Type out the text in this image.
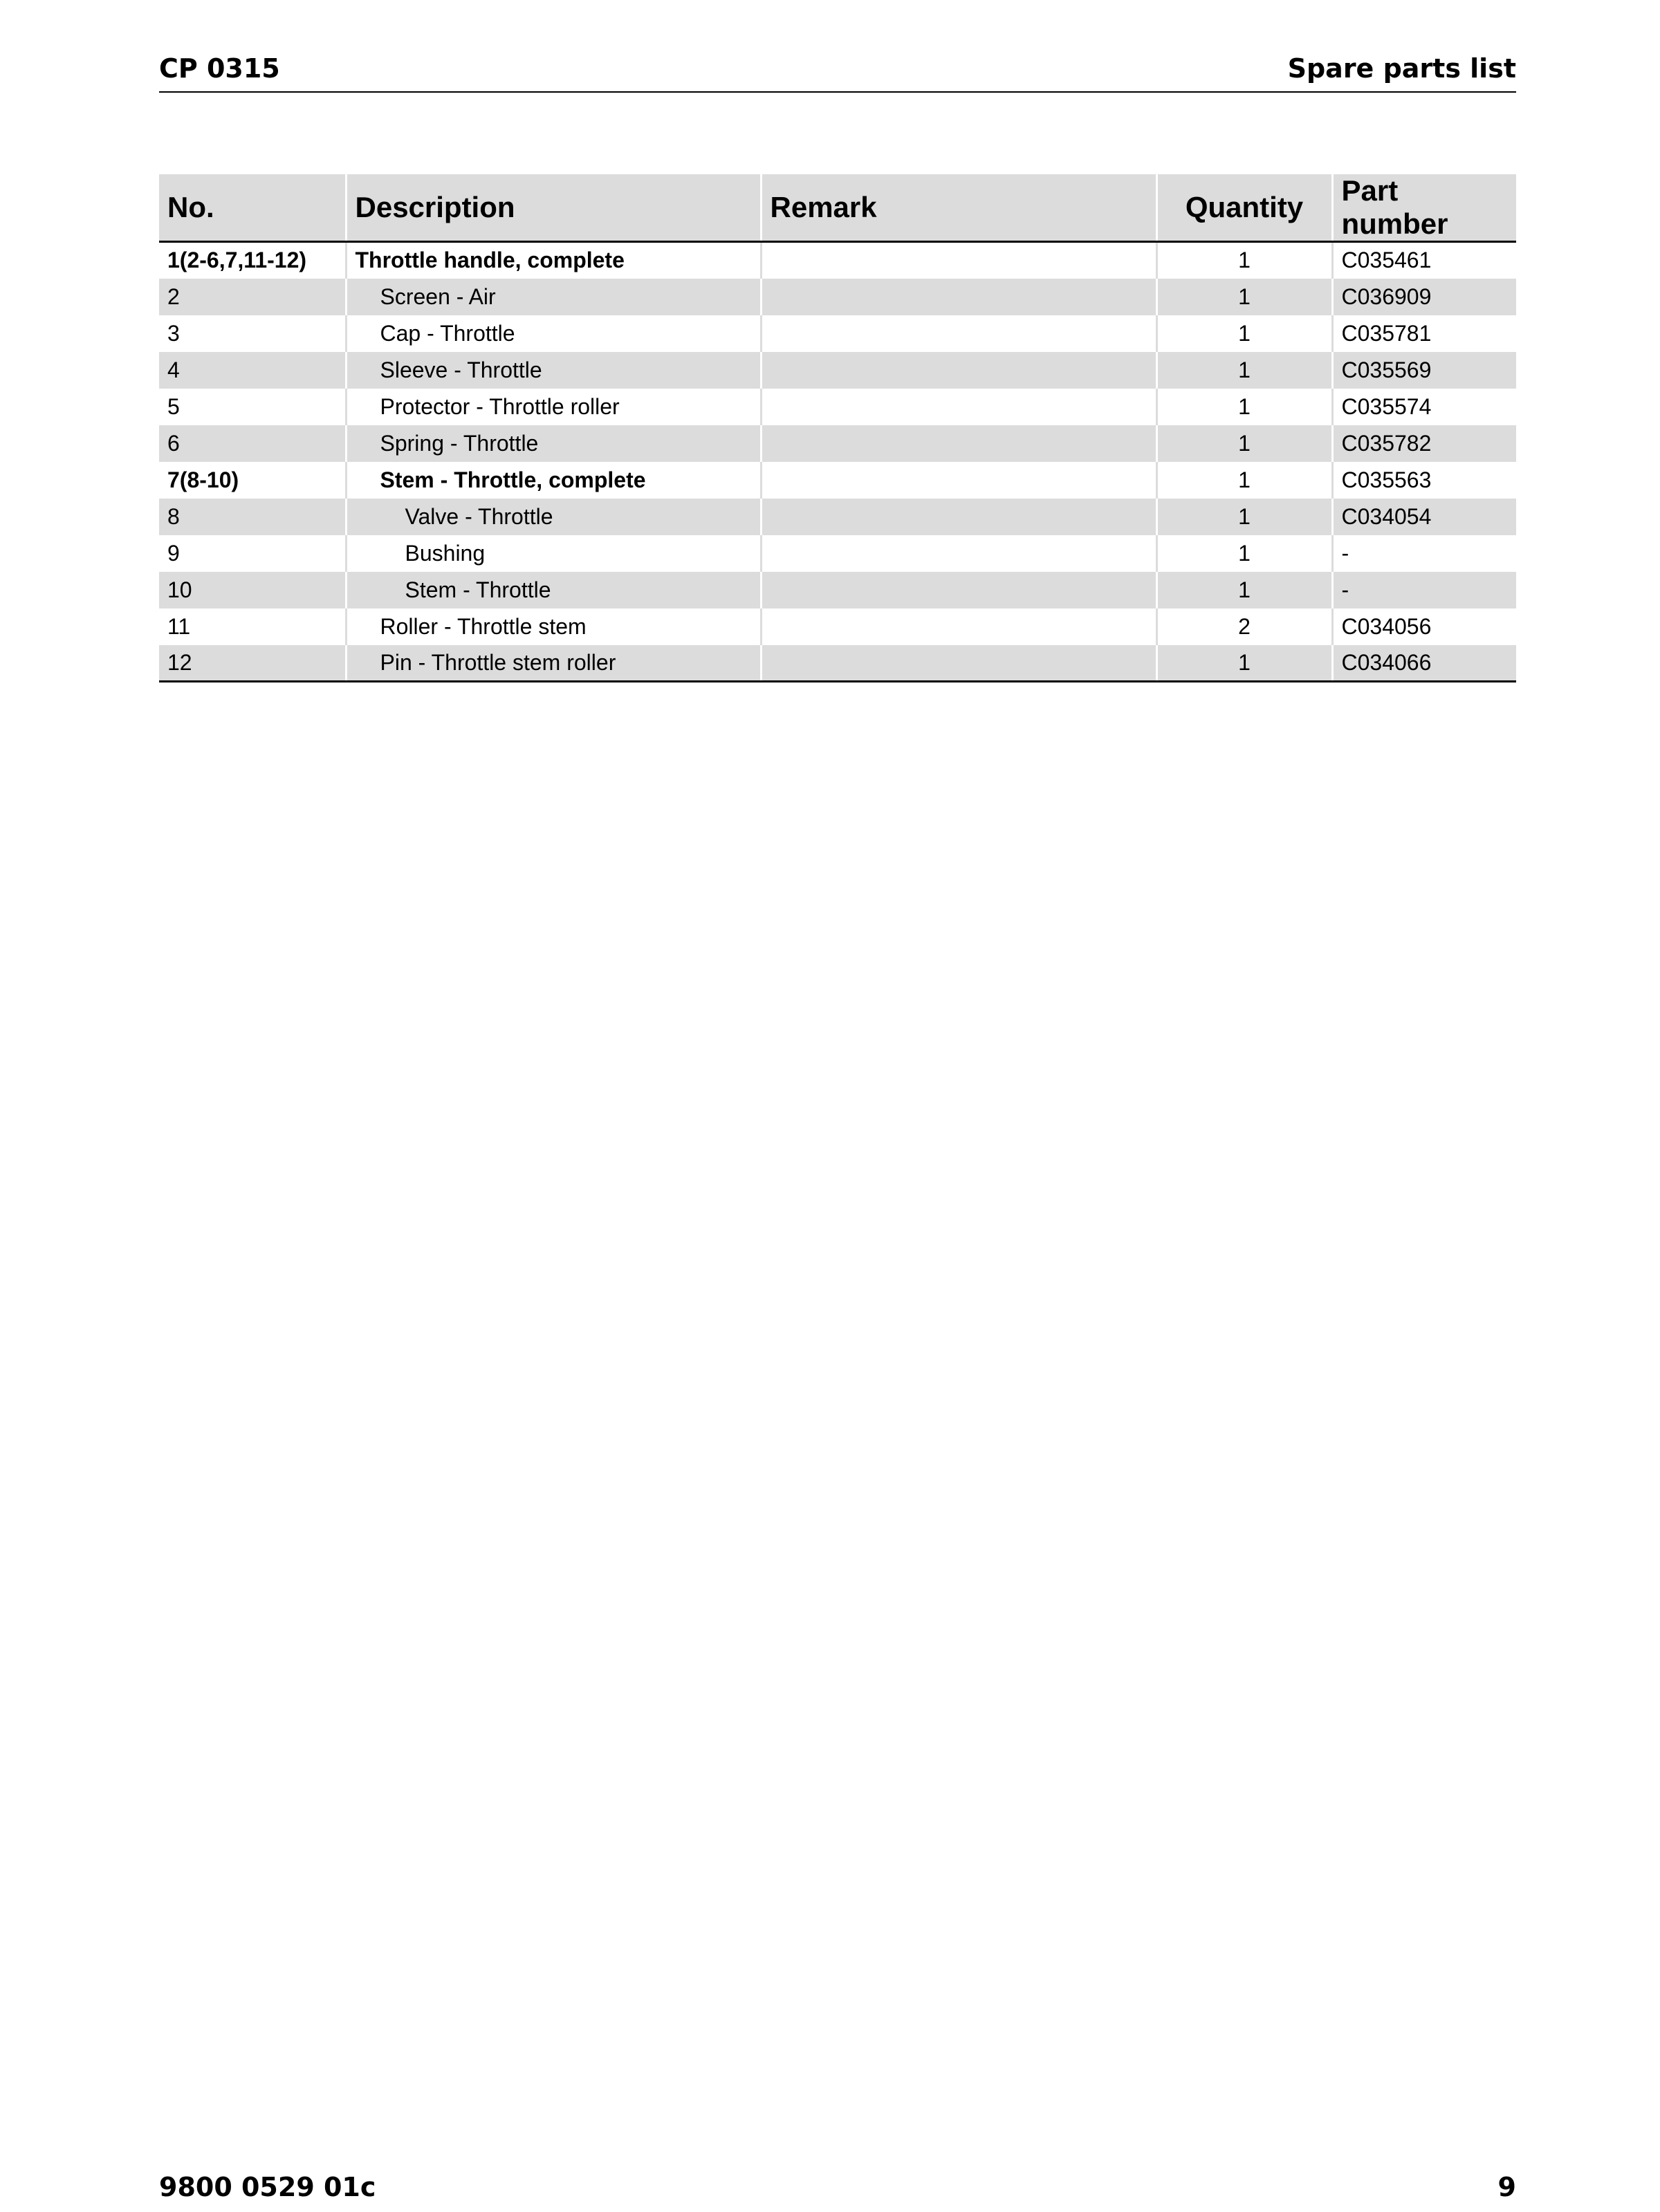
CP 0315	Spare parts list
No.	Description	Remark	Quantity	Part number
1(2-6,7,11-12)	Throttle handle, complete		1	C035461
2	Screen - Air		1	C036909
3	Cap - Throttle		1	C035781
4	Sleeve - Throttle		1	C035569
5	Protector - Throttle roller		1	C035574
6	Spring - Throttle		1	C035782
7(8-10)	Stem - Throttle, complete		1	C035563
8	Valve - Throttle		1	C034054
9	Bushing		1	-
10	Stem - Throttle		1	-
11	Roller - Throttle stem		2	C034056
12	Pin - Throttle stem roller		1	C034066
9800 0529 01c	9
